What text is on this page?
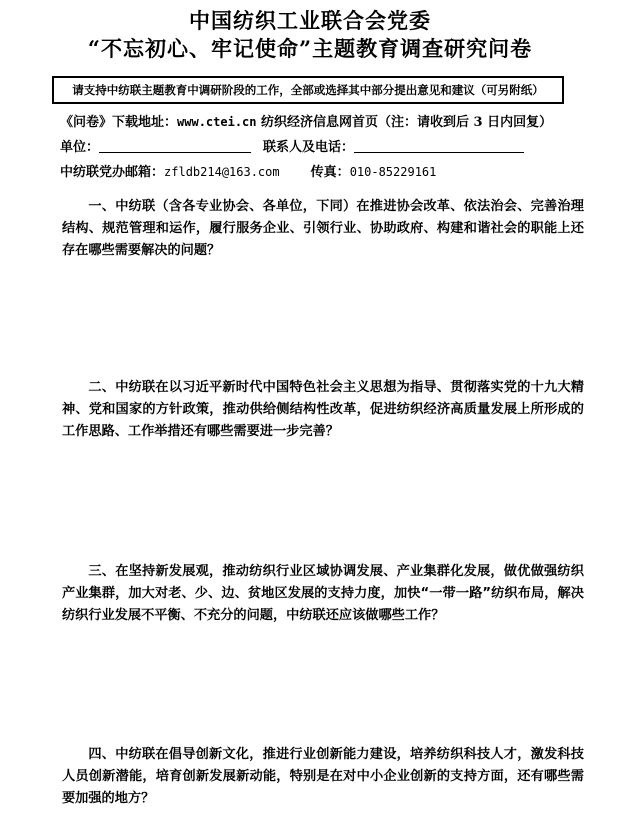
中国纺织工业联合会党委
“不忘初心、牢记使命”主题教育调查研究问卷
请支持中纺联主题教育中调研阶段的工作，全部或选择其中部分提出意见和建议（可另附纸）
《问卷》下载地址：www.ctei.cn 纺织经济信息网首页（注：请收到后 3 日内回复）
单位：	联系人及电话：
中纺联党办邮箱：zfldb214@163.com 传真：010-85229161
一、中纺联（含各专业协会、各单位，下同）在推进协会改革、依法治会、完善治理结构、规范管理和运作，履行服务企业、引领行业、协助政府、构建和谐社会的职能上还存在哪些需要解决的问题？
二、中纺联在以习近平新时代中国特色社会主义思想为指导、贯彻落实党的十九大精神、党和国家的方针政策，推动供给侧结构性改革，促进纺织经济高质量发展上所形成的工作思路、工作举措还有哪些需要进一步完善？
三、在坚持新发展观，推动纺织行业区域协调发展、产业集群化发展，做优做强纺织产业集群，加大对老、少、边、贫地区发展的支持力度，加快“一带一路”纺织布局，解决纺织行业发展不平衡、不充分的问题，中纺联还应该做哪些工作？
四、中纺联在倡导创新文化，推进行业创新能力建设，培养纺织科技人才，激发科技人员创新潜能，培育创新发展新动能，特别是在对中小企业创新的支持方面，还有哪些需要加强的地方？
